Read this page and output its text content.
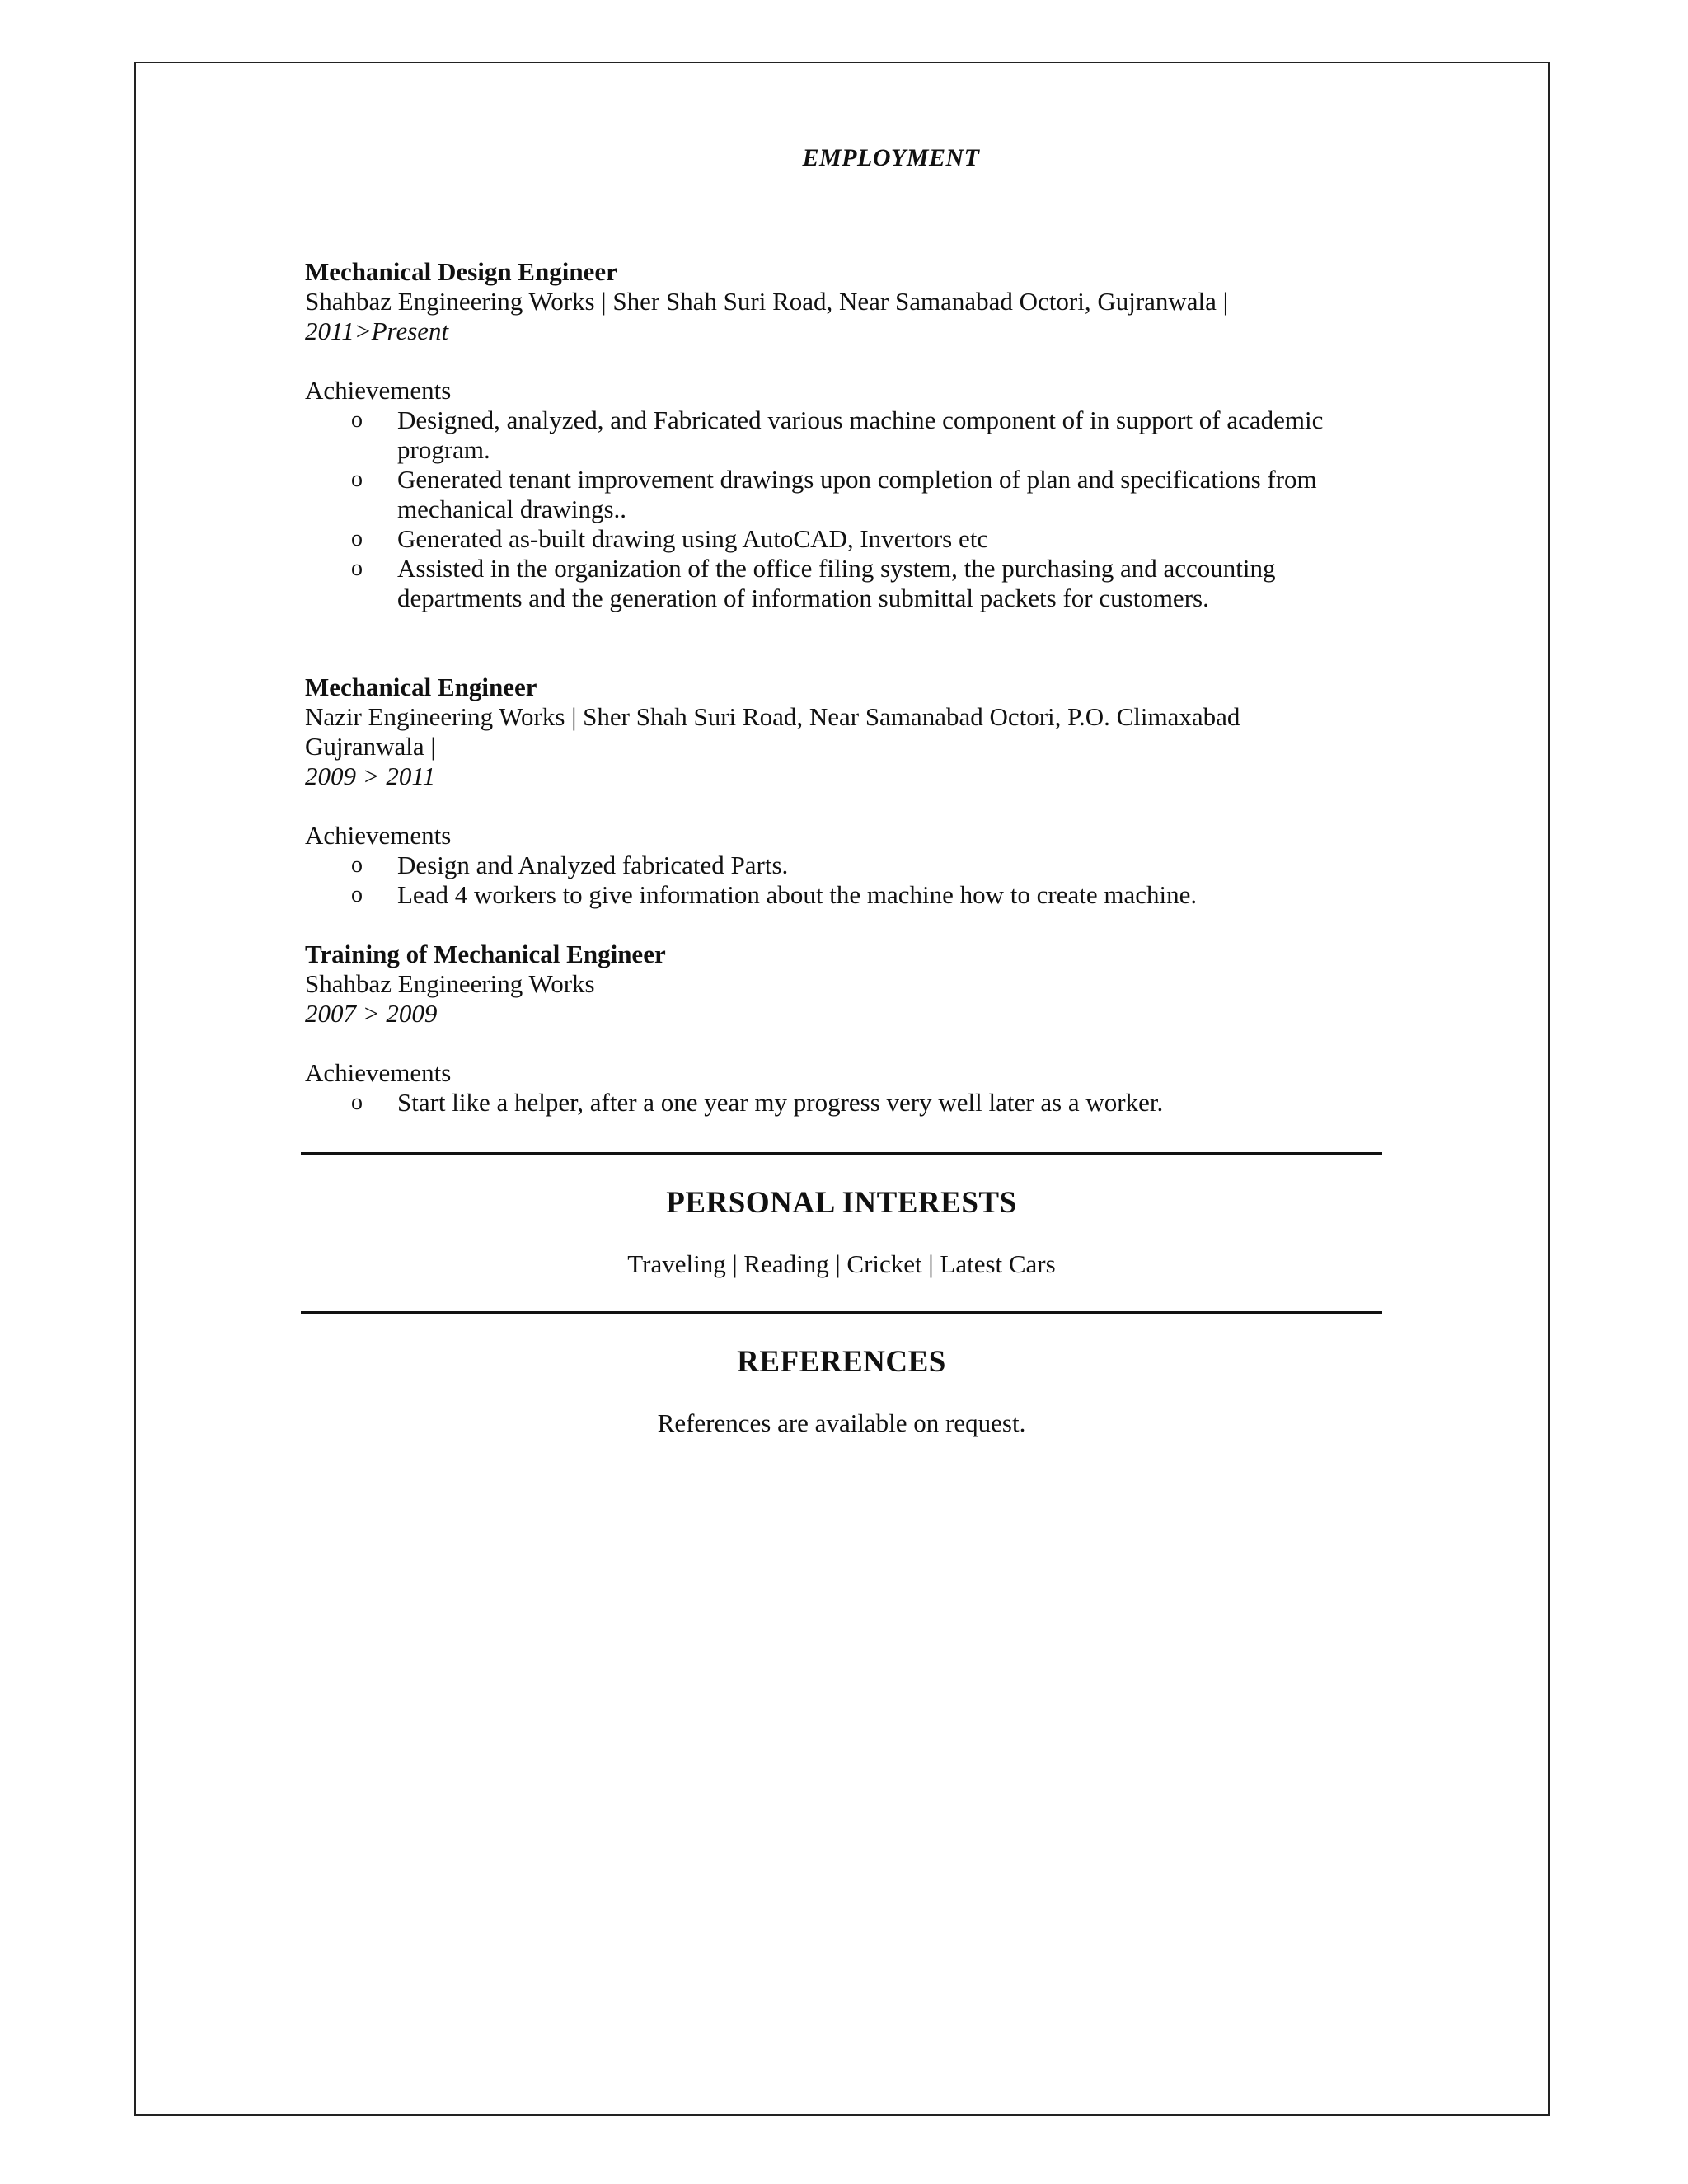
EMPLOYMENT
Mechanical Design Engineer
Shahbaz Engineering Works | Sher Shah Suri Road, Near Samanabad Octori, Gujranwala |
2011>Present
Achievements
o Designed, analyzed, and Fabricated various machine component of in support of academic program.
o Generated tenant improvement drawings upon completion of plan and specifications from mechanical drawings..
o Generated as-built drawing using AutoCAD, Invertors etc
o Assisted in the organization of the office filing system, the purchasing and accounting departments and the generation of information submittal packets for customers.
Mechanical Engineer
Nazir Engineering Works | Sher Shah Suri Road, Near Samanabad Octori, P.O. Climaxabad
Gujranwala |
2009 > 2011
Achievements
o Design and Analyzed fabricated Parts.
o Lead 4 workers to give information about the machine how to create machine.
Training of Mechanical Engineer
Shahbaz Engineering Works
2007 > 2009
Achievements
o Start like a helper, after a one year my progress very well later as a worker.
PERSONAL INTERESTS
Traveling | Reading | Cricket | Latest Cars
REFERENCES
References are available on request.
